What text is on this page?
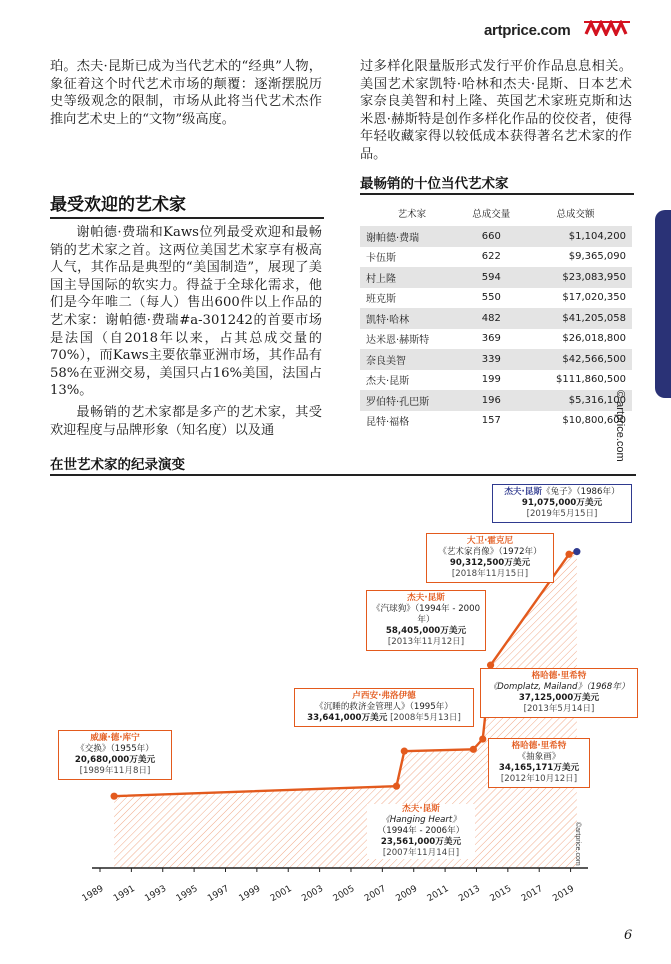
artprice.com

珀。杰夫·昆斯已成为当代艺术的“经典”人物，象征着这个时代艺术市场的颠覆：逐渐摆脱历史等级观念的限制，市场从此将当代艺术杰作推向艺术史上的“文物”级高度。

最受欢迎的艺术家

谢帕德·费瑞和Kaws位列最受欢迎和最畅销的艺术家之首。这两位美国艺术家享有极高人气，其作品是典型的“美国制造”，展现了美国主导国际的软实力。得益于全球化需求，他们是今年唯二（每人）售出600件以上作品的艺术家：谢帕德·费瑞#a-301242的首要市场是法国（自2018年以来，占其总成交量的70%），而Kaws主要依靠亚洲市场，其作品有58%在亚洲交易，美国只占16%美国，法国占13%。

最畅销的艺术家都是多产的艺术家，其受欢迎程度与品牌形象（知名度）以及通

过多样化限量版形式发行平价作品息息相关。美国艺术家凯特·哈林和杰夫·昆斯、日本艺术家奈良美智和村上隆、英国艺术家班克斯和达米恩·赫斯特是创作多样化作品的佼佼者，使得年轻收藏家得以较低成本获得著名艺术家的作品。

最畅销的十位当代艺术家
艺术家	总成交量	总成交额
谢帕德·费瑞	660	$1,104,200
卡伍斯	622	$9,365,090
村上隆	594	$23,083,950
班克斯	550	$17,020,350
凯特·哈林	482	$41,205,058
达米恩·赫斯特	369	$26,018,800
奈良美智	339	$42,566,500
杰夫·昆斯	199	$111,860,500
罗伯特·孔巴斯	196	$5,316,100
昆特·福格	157	$10,800,600
© artprice.com
在世艺术家的纪录演变
1989 1991 1993 1995 1997 1999 2001 2003 2005 2007 2009 2011 2013 2015 2017 2019
©artprice.com
威廉·德·库宁
《交换》（1955年）
20,680,000万美元
[1989年11月8日]
杰夫·昆斯
《Hanging Heart》
（1994年 - 2006年）
23,561,000万美元
[2007年11月14日]
卢西安·弗洛伊德
《沉睡的救济金管理人》（1995年）
33,641,000万美元 [2008年5月13日]
格哈德·里希特
《抽象画》
34,165,171万美元
[2012年10月12日]
格哈德·里希特
《Domplatz, Mailand》（1968年）
37,125,000万美元
[2013年5月14日]
杰夫·昆斯
《汽球狗》（1994年 - 2000年）
58,405,000万美元
[2013年11月12日]
大卫·霍克尼
《艺术家肖像》（1972年）
90,312,500万美元
[2018年11月15日]
杰夫·昆斯《兔子》（1986年）
91,075,000万美元
[2019年5月15日]
6
